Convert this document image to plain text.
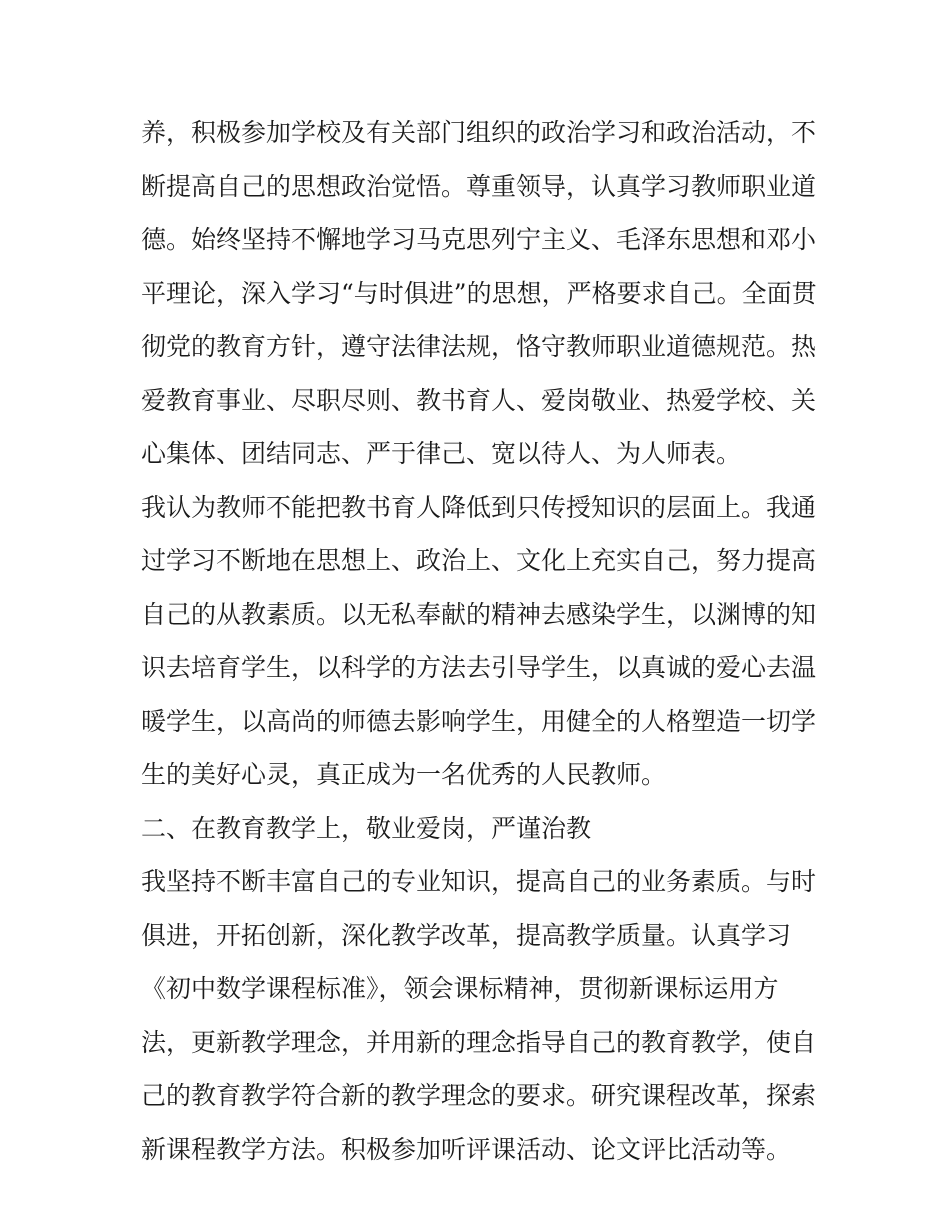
养，积极参加学校及有关部门组织的政治学习和政治活动，不
断提高自己的思想政治觉悟。尊重领导，认真学习教师职业道
德。始终坚持不懈地学习马克思列宁主义、毛泽东思想和邓小
平理论，深入学习“与时俱进”的思想，严格要求自己。全面贯
彻党的教育方针，遵守法律法规，恪守教师职业道德规范。热
爱教育事业、尽职尽则、教书育人、爱岗敬业、热爱学校、关
心集体、团结同志、严于律己、宽以待人、为人师表。
我认为教师不能把教书育人降低到只传授知识的层面上。我通
过学习不断地在思想上、政治上、文化上充实自己，努力提高
自己的从教素质。以无私奉献的精神去感染学生，以渊博的知
识去培育学生，以科学的方法去引导学生，以真诚的爱心去温
暖学生，以高尚的师德去影响学生，用健全的人格塑造一切学
生的美好心灵，真正成为一名优秀的人民教师。
二、在教育教学上，敬业爱岗，严谨治教
我坚持不断丰富自己的专业知识，提高自己的业务素质。与时
俱进，开拓创新，深化教学改革，提高教学质量。认真学习
《初中数学课程标准》，领会课标精神，贯彻新课标运用方
法，更新教学理念，并用新的理念指导自己的教育教学，使自
己的教育教学符合新的教学理念的要求。研究课程改革，探索
新课程教学方法。积极参加听评课活动、论文评比活动等。
